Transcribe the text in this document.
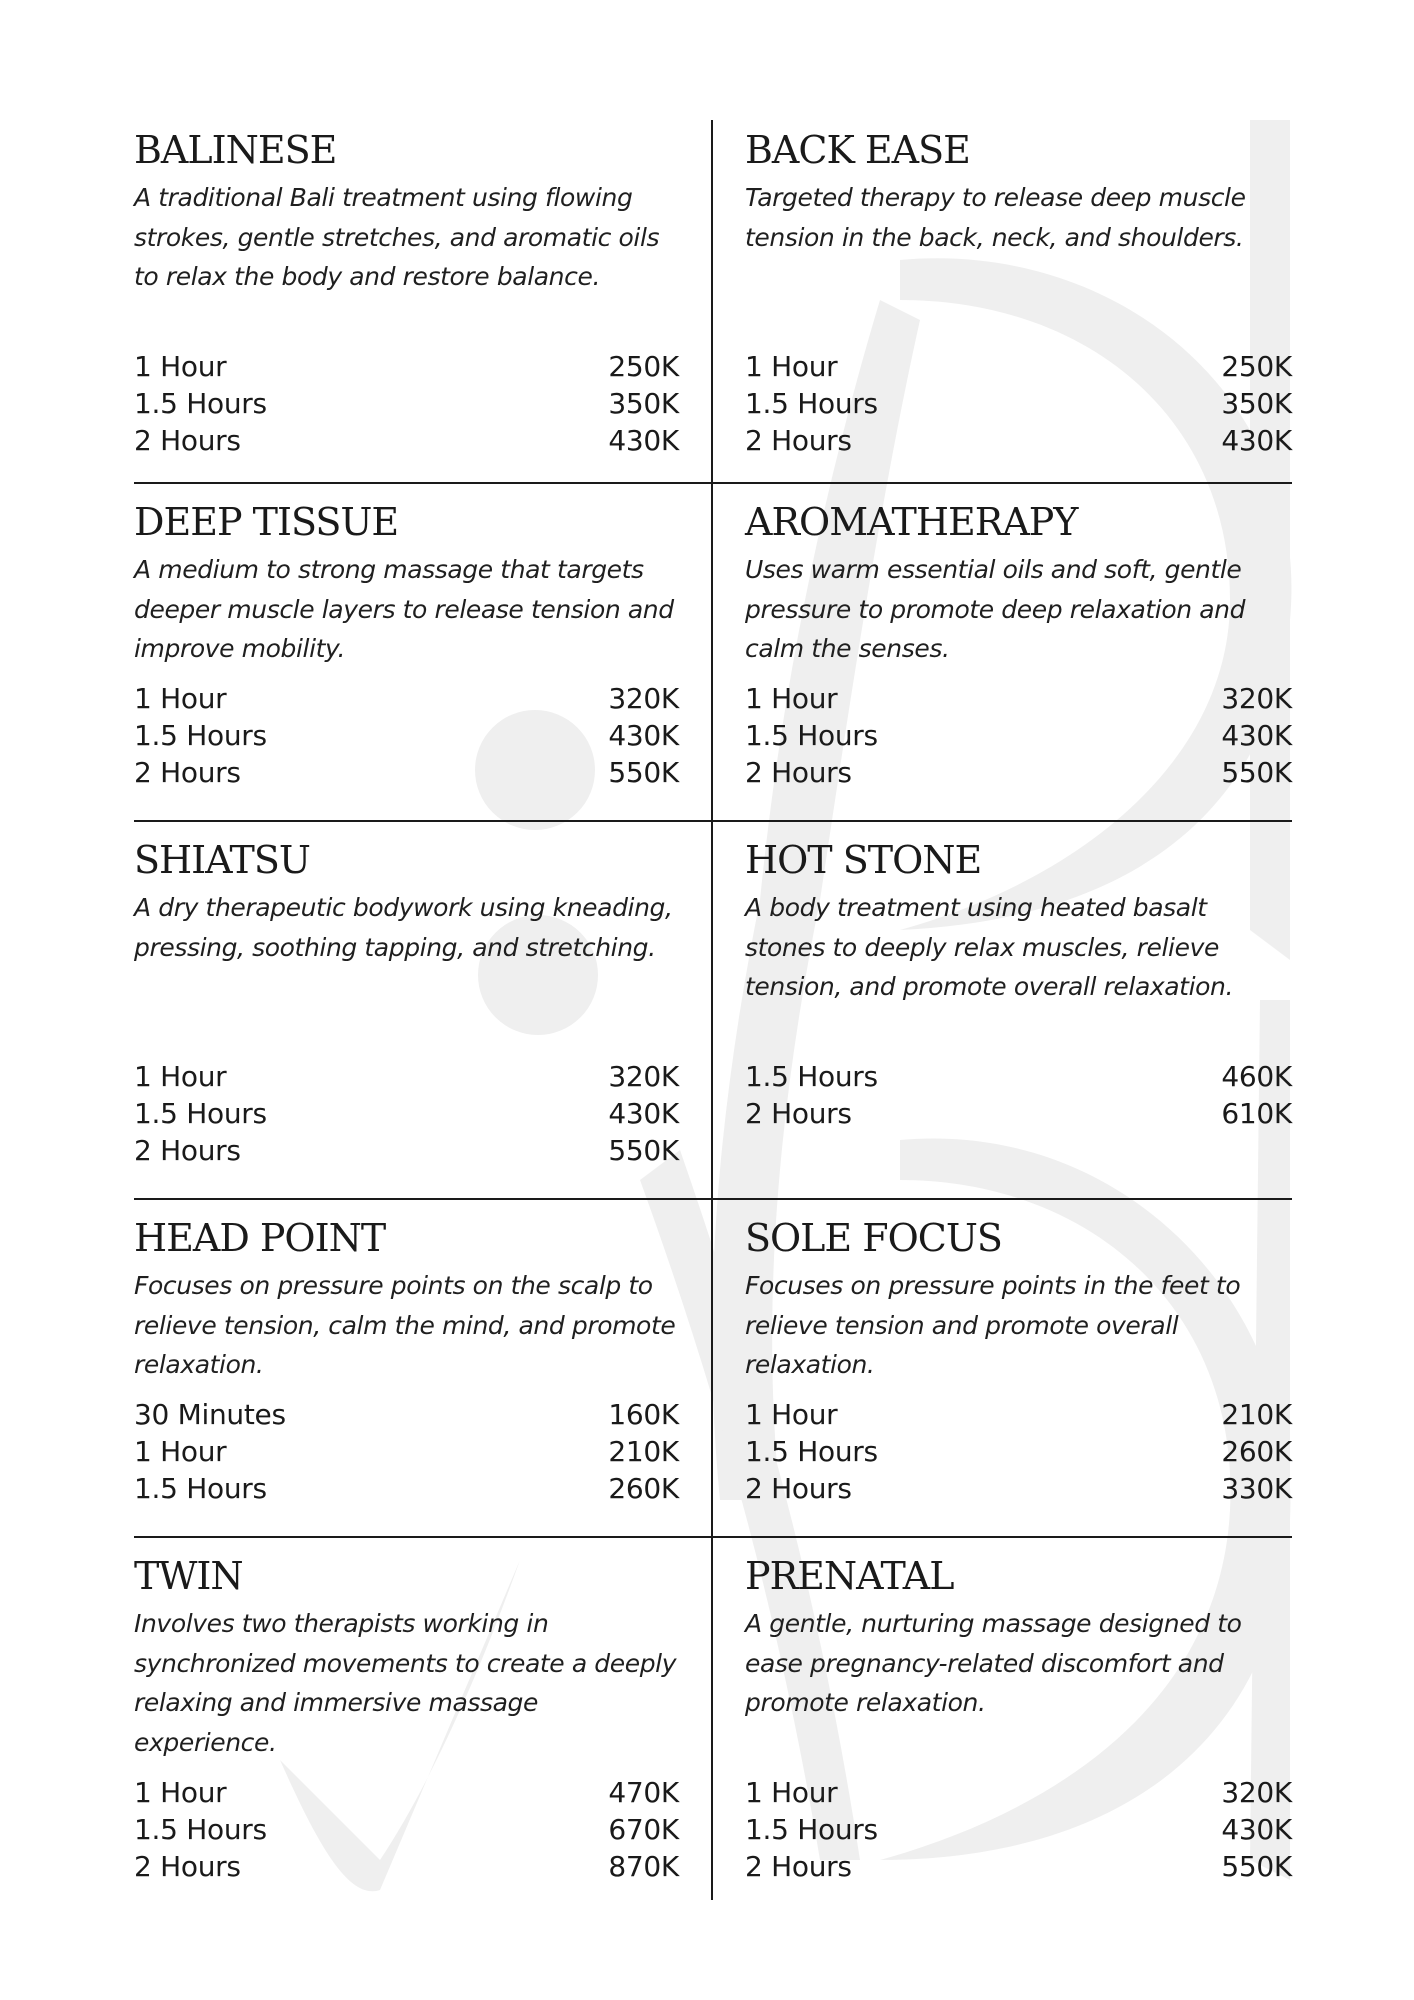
BALINESE

A traditional Bali treatment using flowing strokes, gentle stretches, and aromatic oils to relax the body and restore balance.

1 Hour	250K
1.5 Hours	350K
2 Hours	430K
BACK EASE

Targeted therapy to release deep muscle tension in the back, neck, and shoulders.

1 Hour	250K
1.5 Hours	350K
2 Hours	430K
DEEP TISSUE

A medium to strong massage that targets deeper muscle layers to release tension and improve mobility.

1 Hour	320K
1.5 Hours	430K
2 Hours	550K
AROMATHERAPY

Uses warm essential oils and soft, gentle pressure to promote deep relaxation and calm the senses.

1 Hour	320K
1.5 Hours	430K
2 Hours	550K
SHIATSU

A dry therapeutic bodywork using kneading, pressing, soothing tapping, and stretching.

1 Hour	320K
1.5 Hours	430K
2 Hours	550K
HOT STONE

A body treatment using heated basalt stones to deeply relax muscles, relieve tension, and promote overall relaxation.

1.5 Hours	460K
2 Hours	610K
HEAD POINT

Focuses on pressure points on the scalp to relieve tension, calm the mind, and promote relaxation.

30 Minutes	160K
1 Hour	210K
1.5 Hours	260K
SOLE FOCUS

Focuses on pressure points in the feet to relieve tension and promote overall relaxation.

1 Hour	210K
1.5 Hours	260K
2 Hours	330K
TWIN

Involves two therapists working in synchronized movements to create a deeply relaxing and immersive massage experience.

1 Hour	470K
1.5 Hours	670K
2 Hours	870K
PRENATAL

A gentle, nurturing massage designed to ease pregnancy-related discomfort and promote relaxation.

1 Hour	320K
1.5 Hours	430K
2 Hours	550K
